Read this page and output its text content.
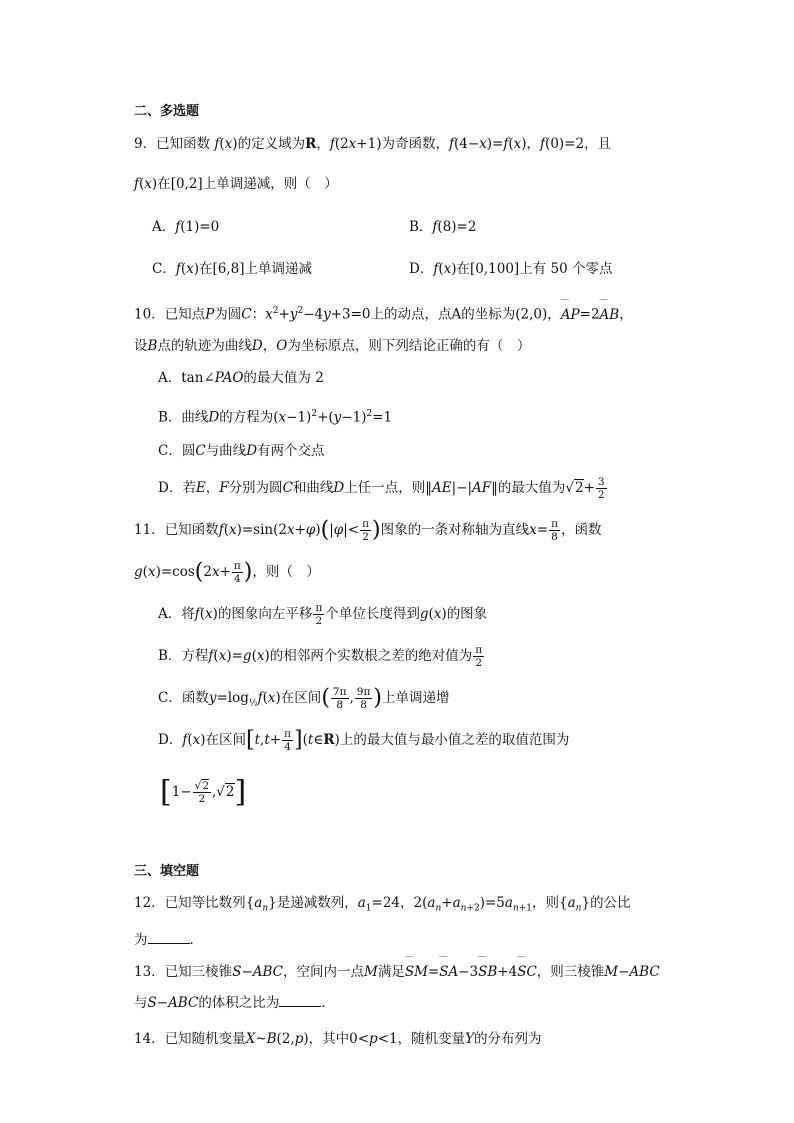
二、多选题
9．已知函数 f(x)的定义域为R，f(2x+1)为奇函数，f(4−x)=f(x)，f(0)=2，且
f(x)在[0,2]上单调递减，则（　）
A．f(1)=0	B．f(8)=2
C．f(x)在[6,8]上单调递减	D．f(x)在[0,100]上有 50 个零点
10．已知点P为圆C：$x^2+y^2-4y+3=0$上的动点，点A的坐标为(2,0)，‾‾ AP=2‾‾ AB，
设B点的轨迹为曲线D，O为坐标原点，则下列结论正确的有（　）
A．tan∠PAO的最大值为 2
B．曲线D的方程为$(x-1)^2+(y-1)^2=1$
C．圆C与曲线D有两个交点
D．若E，F分别为圆C和曲线D上任一点，则‖AE|−|AF‖的最大值为$√2+ \frac{3}{2}$
11．已知函数$f(x)=\sin(2x+\varphi)(|\varphi|< \frac{\pi}{2}$ )图象的一条对称轴为直线$x= \frac{\pi}{8}$ ，函数
$g(x)=\cos(2x+ \frac{\pi}{4}$ )，则（　）
A．将f(x)的图象向左平移 $\frac{\pi}{2}$ 个单位长度得到g(x)的图象
B．方程f(x)=g(x)的相邻两个实数根之差的绝对值为 $\frac{\pi}{2}$
C．函数$y=\log_{\frac{1}{2}}f(x)$在区间( $\frac{7\pi}{8}$ , $\frac{9\pi}{8}$ )上单调递增
D．f(x)在区间[$t,t+ \frac{\pi}{4}$ ](t∈R)上的最大值与最小值之差的取值范围为
$[1- \frac{√2}{2} ,√2]$
三、填空题
12．已知等比数列$\{a_n\}$是递减数列，$a_1=24$，$2(a_n+a_{n+2})=5a_{n+1}$，则$\{a_n\}$的公比
为	．
13．已知三棱锥S−ABC，空间内一点M满足‾‾ SM=‾‾ SA−3‾‾ SB+4‾‾ SC，则三棱锥M−ABC
与S−ABC的体积之比为	．
14．已知随机变量X~B(2,p)，其中0<p<1，随机变量Y的分布列为
